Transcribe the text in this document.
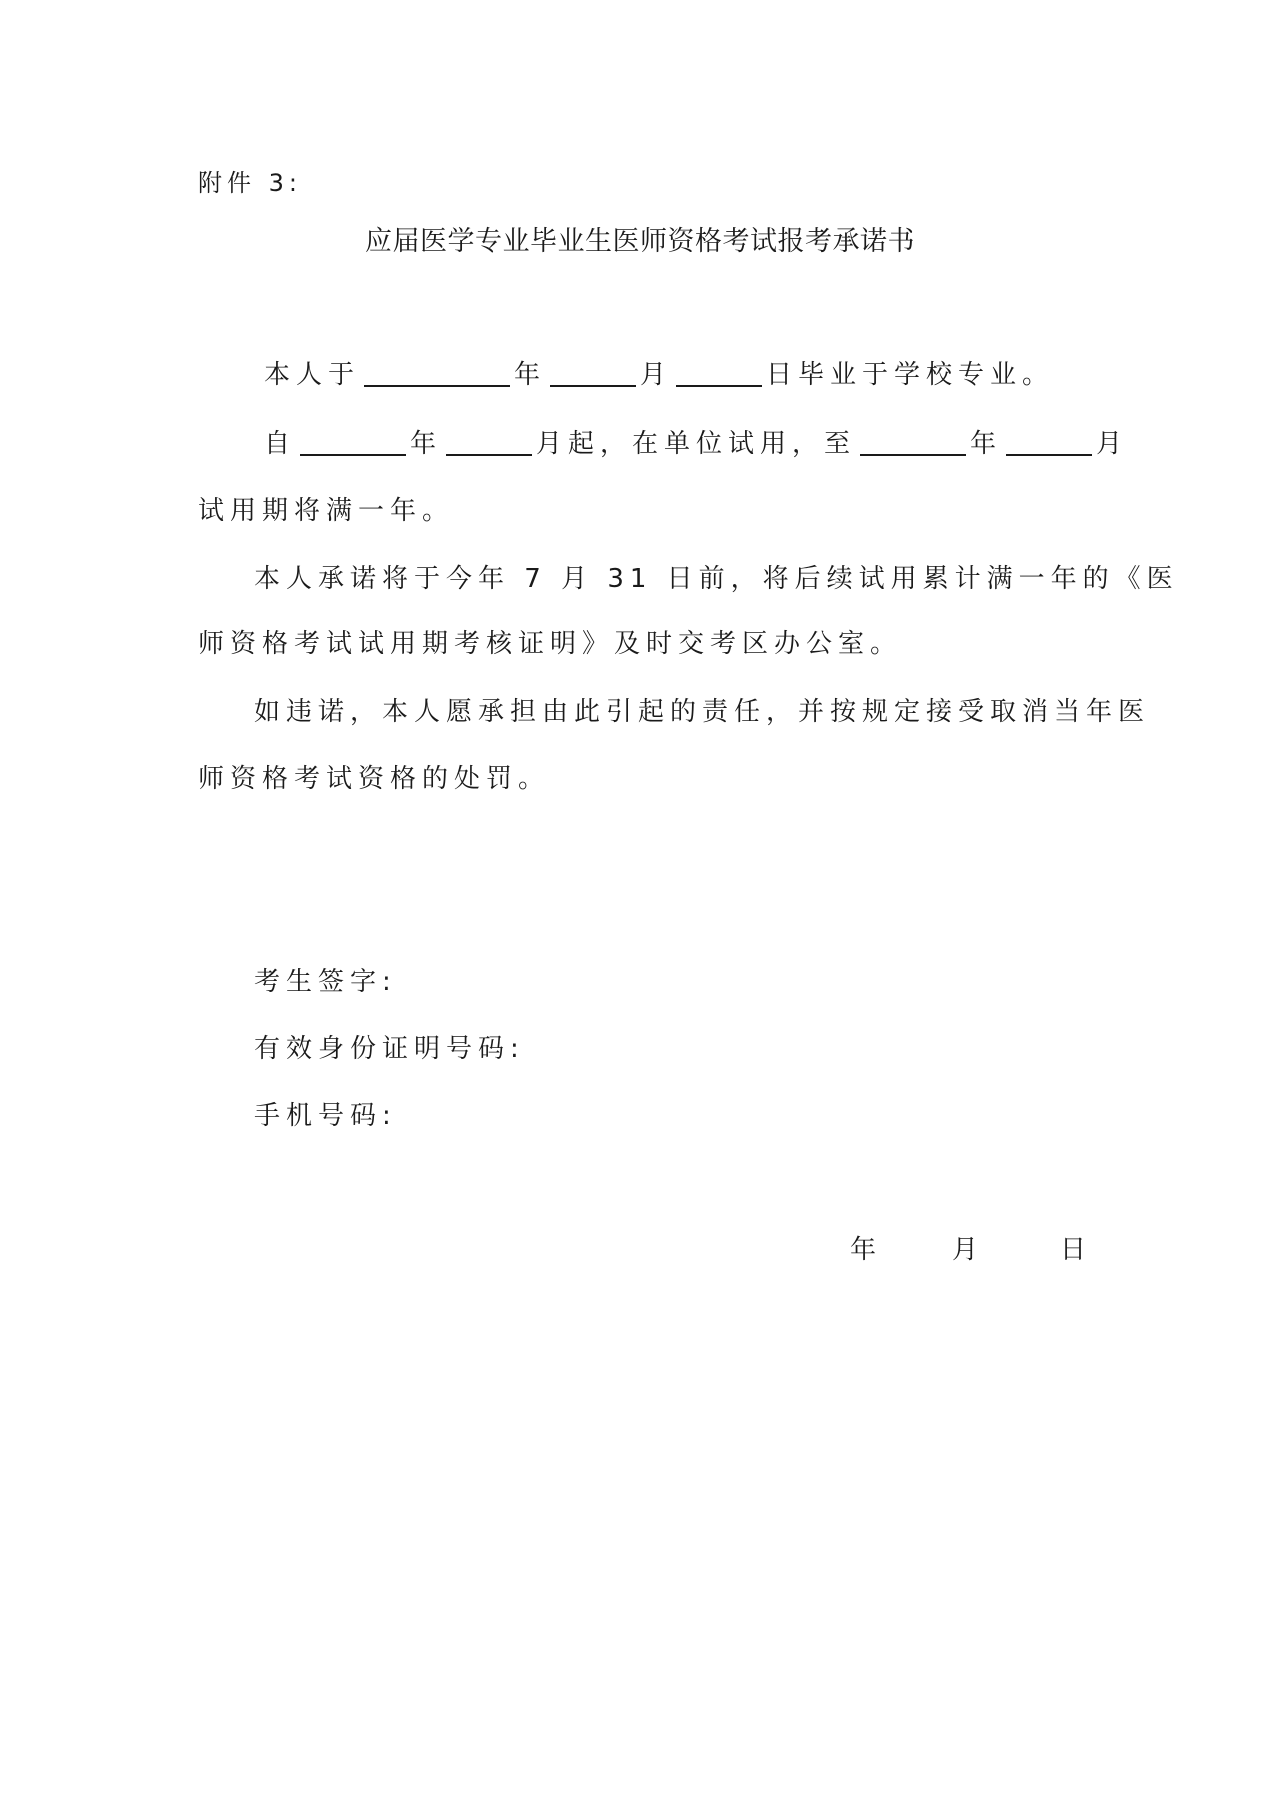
附件 3:
应届医学专业毕业生医师资格考试报考承诺书
本人于	年	月	日毕业于学校专业。
自	年	月起，在单位试用，至	年	月
试用期将满一年。
本人承诺将于今年 7 月 31 日前，将后续试用累计满一年的《医
师资格考试试用期考核证明》及时交考区办公室。
如违诺，本人愿承担由此引起的责任，并按规定接受取消当年医
师资格考试资格的处罚。
考生签字:
有效身份证明号码:
手机号码:
年	月	日
